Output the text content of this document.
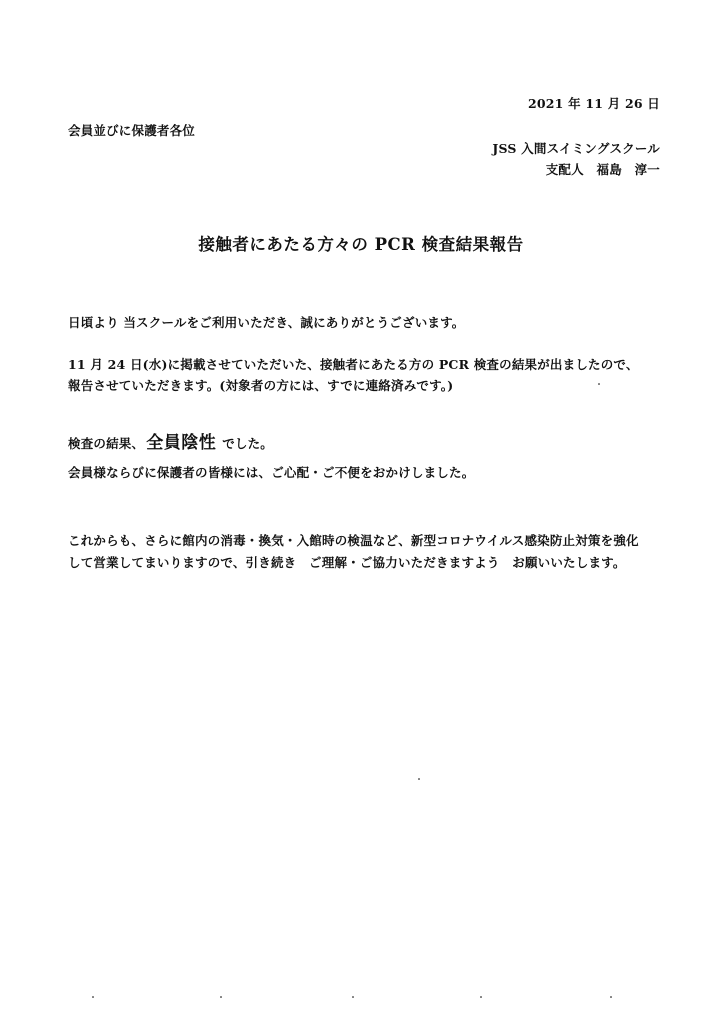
2021 年 11 月 26 日
会員並びに保護者各位
JSS 入間スイミングスクール
支配人　福島　淳一
接触者にあたる方々の PCR 検査結果報告
日頃より 当スクールをご利用いただき、誠にありがとうございます。
11 月 24 日(水)に掲載させていただいた、接触者にあたる方の PCR 検査の結果が出ましたので、
報告させていただきます。(対象者の方には、すでに連絡済みです。)
検査の結果、 全員陰性 でした。
会員様ならびに保護者の皆様には、ご心配・ご不便をおかけしました。
これからも、さらに館内の消毒・換気・入館時の検温など、新型コロナウイルス感染防止対策を強化
して営業してまいりますので、引き続き　ご理解・ご協力いただきますよう　お願いいたします。
